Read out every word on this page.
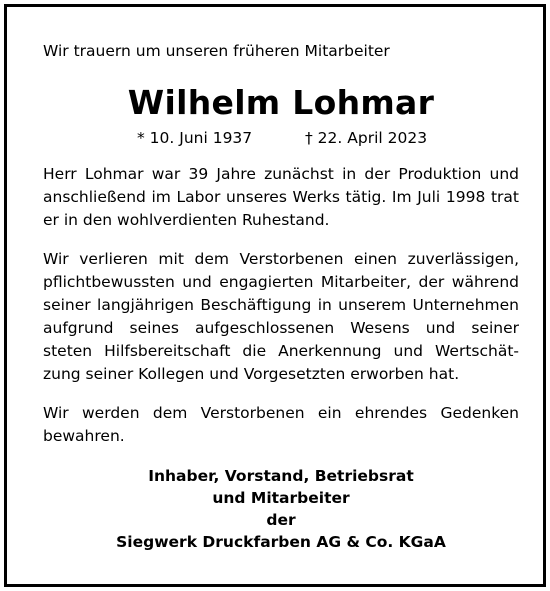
Wir trauern um unseren früheren Mitarbeiter

Wilhelm Lohmar
* 10. Juni 1937	† 22. April 2023
Herr Lohmar war 39 Jahre zunächst in der Produktion und
anschließend im Labor unseres Werks tätig. Im Juli 1998 trat
er in den wohlverdienten Ruhestand.
Wir verlieren mit dem Verstorbenen einen zuverlässigen,
pflichtbewussten und engagierten Mitarbeiter, der während
seiner langjährigen Beschäftigung in unserem Unternehmen
aufgrund seines aufgeschlossenen Wesens und seiner
steten Hilfsbereitschaft die Anerkennung und Wertschät-
zung seiner Kollegen und Vorgesetzten erworben hat.
Wir werden dem Verstorbenen ein ehrendes Gedenken
bewahren.
Inhaber, Vorstand, Betriebsrat
und Mitarbeiter
der
Siegwerk Druckfarben AG & Co. KGaA
